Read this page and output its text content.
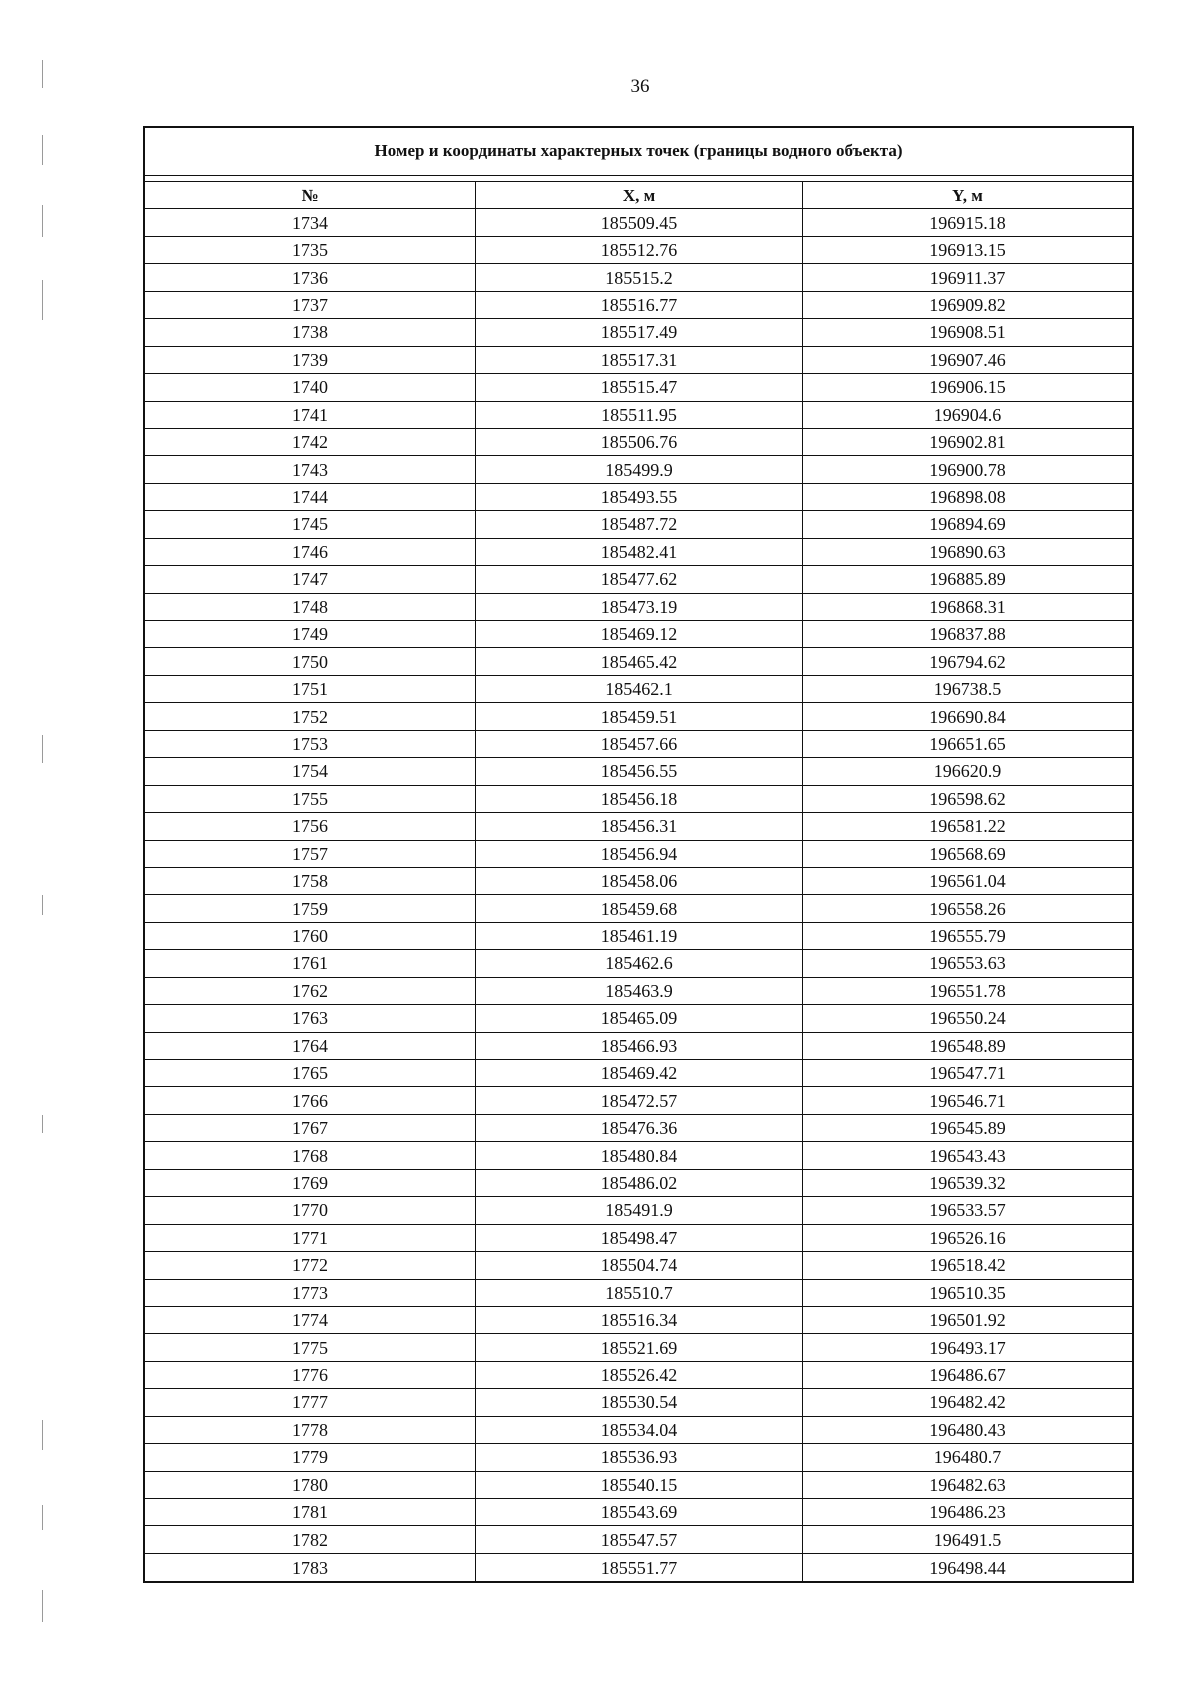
36
Номер и координаты характерных точек (границы водного объекта)
№	X, м	Y, м
1734	185509.45	196915.18
1735	185512.76	196913.15
1736	185515.2	196911.37
1737	185516.77	196909.82
1738	185517.49	196908.51
1739	185517.31	196907.46
1740	185515.47	196906.15
1741	185511.95	196904.6
1742	185506.76	196902.81
1743	185499.9	196900.78
1744	185493.55	196898.08
1745	185487.72	196894.69
1746	185482.41	196890.63
1747	185477.62	196885.89
1748	185473.19	196868.31
1749	185469.12	196837.88
1750	185465.42	196794.62
1751	185462.1	196738.5
1752	185459.51	196690.84
1753	185457.66	196651.65
1754	185456.55	196620.9
1755	185456.18	196598.62
1756	185456.31	196581.22
1757	185456.94	196568.69
1758	185458.06	196561.04
1759	185459.68	196558.26
1760	185461.19	196555.79
1761	185462.6	196553.63
1762	185463.9	196551.78
1763	185465.09	196550.24
1764	185466.93	196548.89
1765	185469.42	196547.71
1766	185472.57	196546.71
1767	185476.36	196545.89
1768	185480.84	196543.43
1769	185486.02	196539.32
1770	185491.9	196533.57
1771	185498.47	196526.16
1772	185504.74	196518.42
1773	185510.7	196510.35
1774	185516.34	196501.92
1775	185521.69	196493.17
1776	185526.42	196486.67
1777	185530.54	196482.42
1778	185534.04	196480.43
1779	185536.93	196480.7
1780	185540.15	196482.63
1781	185543.69	196486.23
1782	185547.57	196491.5
1783	185551.77	196498.44
